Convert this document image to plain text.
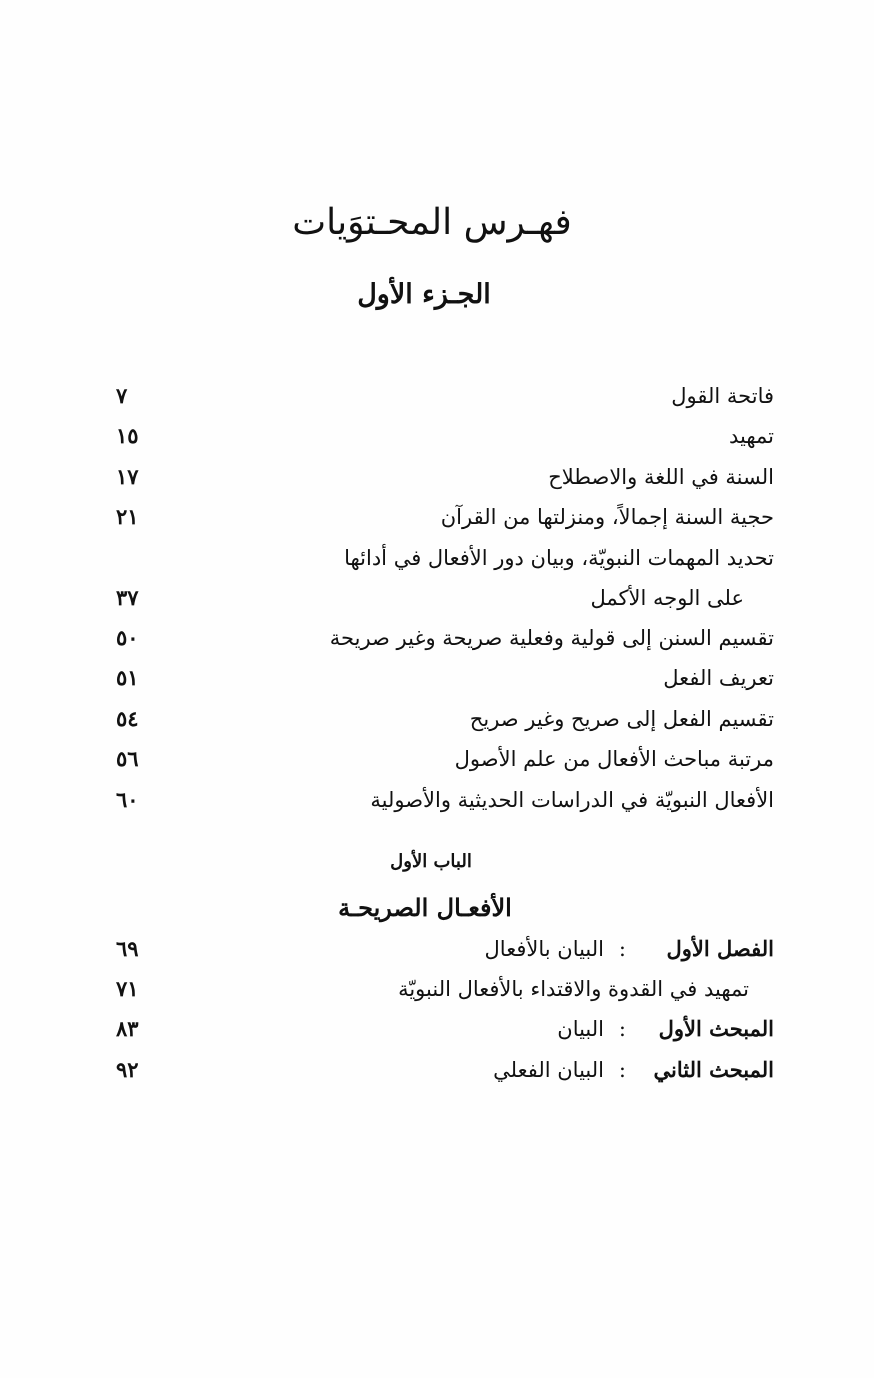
فهـرس المحـتوَيات
الجـزء الأول
فاتحة القول
٧
تمهيد
١٥
السنة في اللغة والاصطلاح
١٧
حجية السنة إجمالاً، ومنزلتها من القرآن
٢١
تحديد المهمات النبويّة، وبيان دور الأفعال في أدائها
على الوجه الأكمل
٣٧
تقسيم السنن إلى قولية وفعلية صريحة وغير صريحة
٥٠
تعريف الفعل
٥١
تقسيم الفعل إلى صريح وغير صريح
٥٤
مرتبة مباحث الأفعال من علم الأصول
٥٦
الأفعال النبويّة في الدراسات الحديثية والأصولية
٦٠
الباب الأول
الأفعـال الصريحـة
الفصل الأول
:
البيان بالأفعال
٦٩
تمهيد في القدوة والاقتداء بالأفعال النبويّة
٧١
المبحث الأول
:
البيان
٨٣
المبحث الثاني
:
البيان الفعلي
٩٢
